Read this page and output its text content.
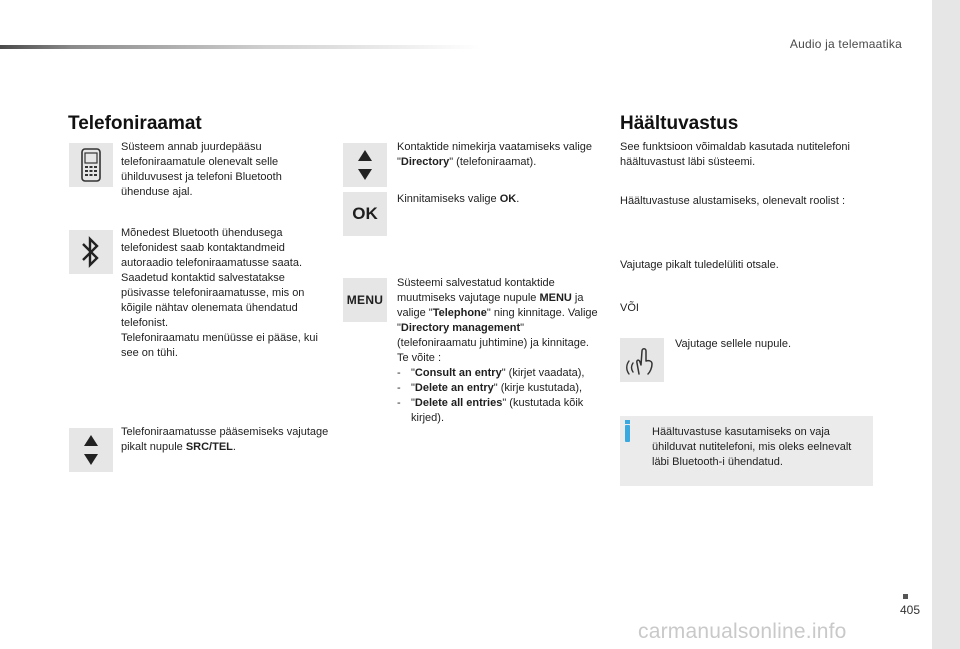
Audio ja telemaatika
Telefoniraamat
Süsteem annab juurdepääsu telefoniraamatule olenevalt selle ühilduvusest ja telefoni Bluetooth ühenduse ajal.
Mõnedest Bluetooth ühendusega telefonidest saab kontaktandmeid autoraadio telefoniraamatusse saata. Saadetud kontaktid salvestatakse püsivasse telefoniraamatusse, mis on kõigile nähtav olenemata ühendatud telefonist.
Telefoniraamatu menüüsse ei pääse, kui see on tühi.
Telefoniraamatusse pääsemiseks vajutage pikalt nupule SRC/TEL.
Kontaktide nimekirja vaatamiseks valige "Directory" (telefoniraamat).
OK
Kinnitamiseks valige OK.
MENU
Süsteemi salvestatud kontaktide muutmiseks vajutage nupule MENU ja valige "Telephone" ning kinnitage. Valige "Directory management" (telefoniraamatu juhtimine) ja kinnitage.
Te võite :
- "Consult an entry" (kirjet vaadata),
- "Delete an entry" (kirje kustutada),
- "Delete all entries" (kustutada kõik kirjed).
Häältuvastus
See funktsioon võimaldab kasutada nutitelefoni häältuvastust läbi süsteemi.
Häältuvastuse alustamiseks, olenevalt roolist :
Vajutage pikalt tuledelüliti otsale.
VÕI
Vajutage sellele nupule.
Häältuvastuse kasutamiseks on vaja ühilduvat nutitelefoni, mis oleks eelnevalt läbi Bluetooth-i ühendatud.
405
carmanualsonline.info
